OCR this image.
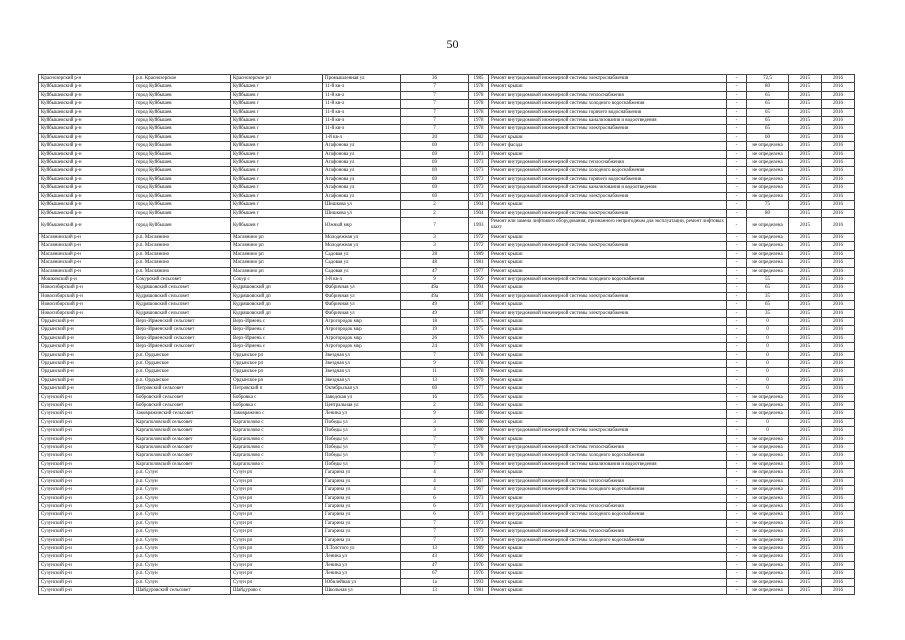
50
Краснозерский р-н	р.п. Краснозерское	Краснозерское рп	Промышленная ул	36	1985	Ремонт внутридомовой инженерной системы электроснабжения	-	72,5	2015	2016
Куйбышевский р-н	город Куйбышев	Куйбышев г	11-й кв-л	7	1978	Ремонт крыши	-	80	2015	2016
Куйбышевский р-н	город Куйбышев	Куйбышев г	11-й кв-л	7	1978	Ремонт внутридомовой инженерной системы теплоснабжения	-	65	2015	2016
Куйбышевский р-н	город Куйбышев	Куйбышев г	11-й кв-л	7	1978	Ремонт внутридомовой инженерной системы холодного водоснабжения	-	65	2015	2016
Куйбышевский р-н	город Куйбышев	Куйбышев г	11-й кв-л	7	1978	Ремонт внутридомовой инженерной системы горячего водоснабжения	-	65	2015	2016
Куйбышевский р-н	город Куйбышев	Куйбышев г	11-й кв-л	7	1978	Ремонт внутридомовой инженерной системы канализования и водоотведения	-	65	2015	2016
Куйбышевский р-н	город Куйбышев	Куйбышев г	11-й кв-л	7	1978	Ремонт внутридомовой инженерной системы электроснабжения	-	65	2015	2016
Куйбышевский р-н	город Куйбышев	Куйбышев г	1-й кв-л	20	1982	Ремонт крыши	-	60	2015	2016
Куйбышевский р-н	город Куйбышев	Куйбышев г	Агафонова ул	69	1973	Ремонт фасада	-	не определена	2015	2016
Куйбышевский р-н	город Куйбышев	Куйбышев г	Агафонова ул	69	1973	Ремонт крыши	-	не определена	2015	2016
Куйбышевский р-н	город Куйбышев	Куйбышев г	Агафонова ул	69	1973	Ремонт внутридомовой инженерной системы теплоснабжения	-	не определена	2015	2016
Куйбышевский р-н	город Куйбышев	Куйбышев г	Агафонова ул	69	1973	Ремонт внутридомовой инженерной системы холодного водоснабжения	-	не определена	2015	2016
Куйбышевский р-н	город Куйбышев	Куйбышев г	Агафонова ул	69	1973	Ремонт внутридомовой инженерной системы горячего водоснабжения	-	не определена	2015	2016
Куйбышевский р-н	город Куйбышев	Куйбышев г	Агафонова ул	69	1973	Ремонт внутридомовой инженерной системы канализования и водоотведения	-	не определена	2015	2016
Куйбышевский р-н	город Куйбышев	Куйбышев г	Агафонова ул	69	1973	Ремонт внутридомовой инженерной системы электроснабжения	-	не определена	2015	2016
Куйбышевский р-н	город Куйбышев	Куйбышев г	Шишкова ул	2	1904	Ремонт крыши	-	75	2015	2016
Куйбышевский р-н	город Куйбышев	Куйбышев г	Шишкова ул	2	1904	Ремонт внутридомовой инженерной системы электроснабжения	-	80	2015	2016
Куйбышевский р-н	город Куйбышев	Куйбышев г	Южный мкр	7	1993	Ремонт или замена лифтового оборудования, признанного непригодным для эксплуатации, ремонт лифтовых шахт	-	не определена	2015	2016
Маслянинский р-н	р.п. Маслянино	Маслянино рп	Молодежная ул	3	1972	Ремонт крыши	-	не определена	2015	2016
Маслянинский р-н	р.п. Маслянино	Маслянино рп	Молодежная ул	3	1972	Ремонт внутридомовой инженерной системы электроснабжения	-	не определена	2015	2016
Маслянинский р-н	р.п. Маслянино	Маслянино рп	Садовая ул	28	1989	Ремонт крыши	-	не определена	2015	2016
Маслянинский р-н	р.п. Маслянино	Маслянино рп	Садовая ул	48	1981	Ремонт крыши	-	не определена	2015	2016
Маслянинский р-н	р.п. Маслянино	Маслянино рп	Садовая ул	47	1977	Ремонт крыши	-	не определена	2015	2016
Мошковский р-н	Сокурский сельсовет	Сокур с	3-й кв-л	9	1959	Ремонт внутридомовой инженерной системы холодного водоснабжения	-	55	2015	2016
Новосибирский р-н	Кудряшовский сельсовет	Кудряшовский дп	Фабричная ул	49а	1994	Ремонт крыши	-	65	2015	2016
Новосибирский р-н	Кудряшовский сельсовет	Кудряшовский дп	Фабричная ул	49а	1994	Ремонт внутридомовой инженерной системы электроснабжения	-	35	2015	2016
Новосибирский р-н	Кудряшовский сельсовет	Кудряшовский дп	Фабричная ул	49	1987	Ремонт крыши	-	65	2015	2016
Новосибирский р-н	Кудряшовский сельсовет	Кудряшовский дп	Фабричная ул	49	1987	Ремонт внутридомовой инженерной системы электроснабжения	-	35	2015	2016
Ордынский р-н	Верх-Ирменский сельсовет	Верх-Ирмень с	Агрогородок мкр	18	1975	Ремонт крыши	-	0	2015	2016
Ордынский р-н	Верх-Ирменский сельсовет	Верх-Ирмень с	Агрогородок мкр	19	1975	Ремонт крыши	-	0	2015	2016
Ордынский р-н	Верх-Ирменский сельсовет	Верх-Ирмень с	Агрогородок мкр	26	1976	Ремонт крыши	-	0	2015	2016
Ордынский р-н	Верх-Ирменский сельсовет	Верх-Ирмень с	Агрогородок мкр	24	1978	Ремонт крыши	-	0	2015	2016
Ордынский р-н	р.п. Ордынское	Ордынское рп	Звездная ул	7	1978	Ремонт крыши	-	0	2015	2016
Ордынский р-н	р.п. Ордынское	Ордынское рп	Звездная ул	9	1978	Ремонт крыши	-	0	2015	2016
Ордынский р-н	р.п. Ордынское	Ордынское рп	Звездная ул	11	1978	Ремонт крыши	-	0	2015	2016
Ордынский р-н	р.п. Ордынское	Ордынское рп	Звездная ул	13	1979	Ремонт крыши	-	0	2015	2016
Ордынский р-н	Петровский сельсовет	Петровский п	Октябрьская ул	69	1977	Ремонт крыши	-	0	2015	2016
Сузунский р-н	Бобровский сельсовет	Бобровка с	Заводская ул	16	1975	Ремонт крыши	-	не определена	2015	2016
Сузунский р-н	Бобровский сельсовет	Бобровка с	Центральная ул	2	1983	Ремонт крыши	-	не определена	2015	2016
Сузунский р-н	Заковряжинский сельсовет	Заковряжино с	Ленина ул	9	1980	Ремонт крыши	-	не определена	2015	2016
Сузунский р-н	Каргаполовский сельсовет	Каргаполово с	Победы ул	3	1980	Ремонт крыши	-	0	2015	2016
Сузунский р-н	Каргаполовский сельсовет	Каргаполово с	Победы ул	3	1980	Ремонт внутридомовой инженерной системы электроснабжения	-	0	2015	2016
Сузунский р-н	Каргаполовский сельсовет	Каргаполово с	Победы ул	7	1978	Ремонт крыши	-	не определена	2015	2016
Сузунский р-н	Каргаполовский сельсовет	Каргаполово с	Победы ул	7	1978	Ремонт внутридомовой инженерной системы теплоснабжения	-	не определена	2015	2016
Сузунский р-н	Каргаполовский сельсовет	Каргаполово с	Победы ул	7	1978	Ремонт внутридомовой инженерной системы холодного водоснабжения	-	не определена	2015	2016
Сузунский р-н	Каргаполовский сельсовет	Каргаполово с	Победы ул	7	1978	Ремонт внутридомовой инженерной системы канализования и водоотведения	-	не определена	2015	2016
Сузунский р-н	р.п. Сузун	Сузун рп	Гагарина ул	4	1967	Ремонт крыши	-	не определена	2015	2016
Сузунский р-н	р.п. Сузун	Сузун рп	Гагарина ул	4	1967	Ремонт внутридомовой инженерной системы теплоснабжения	-	не определена	2015	2016
Сузунский р-н	р.п. Сузун	Сузун рп	Гагарина ул	4	1967	Ремонт внутридомовой инженерной системы холодного водоснабжения	-	не определена	2015	2016
Сузунский р-н	р.п. Сузун	Сузун рп	Гагарина ул	6	1973	Ремонт крыши	-	не определена	2015	2016
Сузунский р-н	р.п. Сузун	Сузун рп	Гагарина ул	6	1973	Ремонт внутридомовой инженерной системы теплоснабжения	-	не определена	2015	2016
Сузунский р-н	р.п. Сузун	Сузун рп	Гагарина ул	6	1973	Ремонт внутридомовой инженерной системы холодного водоснабжения	-	не определена	2015	2016
Сузунский р-н	р.п. Сузун	Сузун рп	Гагарина ул	7	1973	Ремонт крыши	-	не определена	2015	2016
Сузунский р-н	р.п. Сузун	Сузун рп	Гагарина ул	7	1973	Ремонт внутридомовой инженерной системы теплоснабжения	-	не определена	2015	2016
Сузунский р-н	р.п. Сузун	Сузун рп	Гагарина ул	7	1973	Ремонт внутридомовой инженерной системы холодного водоснабжения	-	не определена	2015	2016
Сузунский р-н	р.п. Сузун	Сузун рп	Л.Толстого ул	13	1989	Ремонт крыши	-	не определена	2015	2016
Сузунский р-н	р.п. Сузун	Сузун рп	Ленина ул	43	1960	Ремонт крыши	-	не определена	2015	2016
Сузунский р-н	р.п. Сузун	Сузун рп	Ленина ул	47	1976	Ремонт крыши	-	не определена	2015	2016
Сузунский р-н	р.п. Сузун	Сузун рп	Ленина ул	67	1976	Ремонт крыши	-	не определена	2015	2016
Сузунский р-н	р.п. Сузун	Сузун рп	Юбилейная ул	1а	1993	Ремонт крыши	-	не определена	2015	2016
Сузунский р-н	Шайдуровский сельсовет	Шайдурово с	Школьная ул	13	1981	Ремонт крыши	-	не определена	2015	2016
